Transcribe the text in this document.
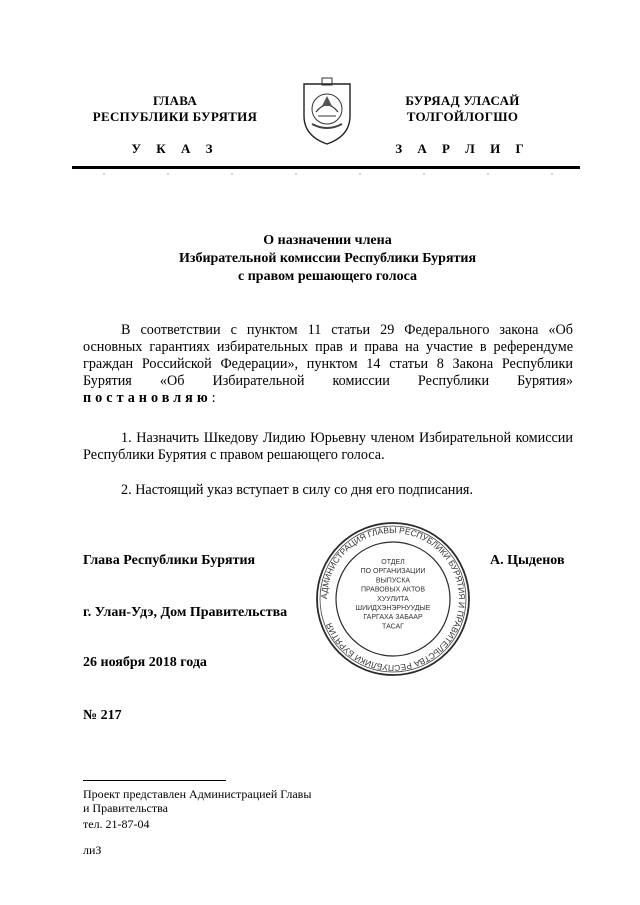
ГЛАВА
РЕСПУБЛИКИ БУРЯТИЯ
У К А З
БУРЯАД УЛАСАЙ
ТОЛГОЙЛОГШО
З А Р Л И Г
О назначении члена
Избирательной комиссии Республики Бурятия
с правом решающего голоса
В соответствии с пунктом 11 статьи 29 Федерального закона «Об основных гарантиях избирательных прав и права на участие в референдуме граждан Российской Федерации», пунктом 14 статьи 8 Закона Республики Бурятия «Об Избирательной комиссии Республики Бурятия» постановляю:
1. Назначить Шкедову Лидию Юрьевну членом Избирательной комиссии Республики Бурятия с правом решающего голоса.
2. Настоящий указ вступает в силу со дня его подписания.
Глава Республики Бурятия	А. Цыденов
г. Улан-Удэ, Дом Правительства
26 ноября 2018 года
№ 217
АДМИНИСТРАЦИЯ ГЛАВЫ РЕСПУБЛИКИ БУРЯТИЯ И ПРАВИТЕЛЬСТВА РЕСПУБЛИКИ БУРЯТИЯ
ОТДЕЛ
ПО ОРГАНИЗАЦИИ
ВЫПУСКА
ПРАВОВЫХ АКТОВ
ХУУЛИТА
ШИИДХЭНЭРНУУДЫЕ
ГАРГАХА ЗАБААР
ТАСАГ
Проект представлен Администрацией Главы
и Правительства
тел. 21-87-04
лиЗ
